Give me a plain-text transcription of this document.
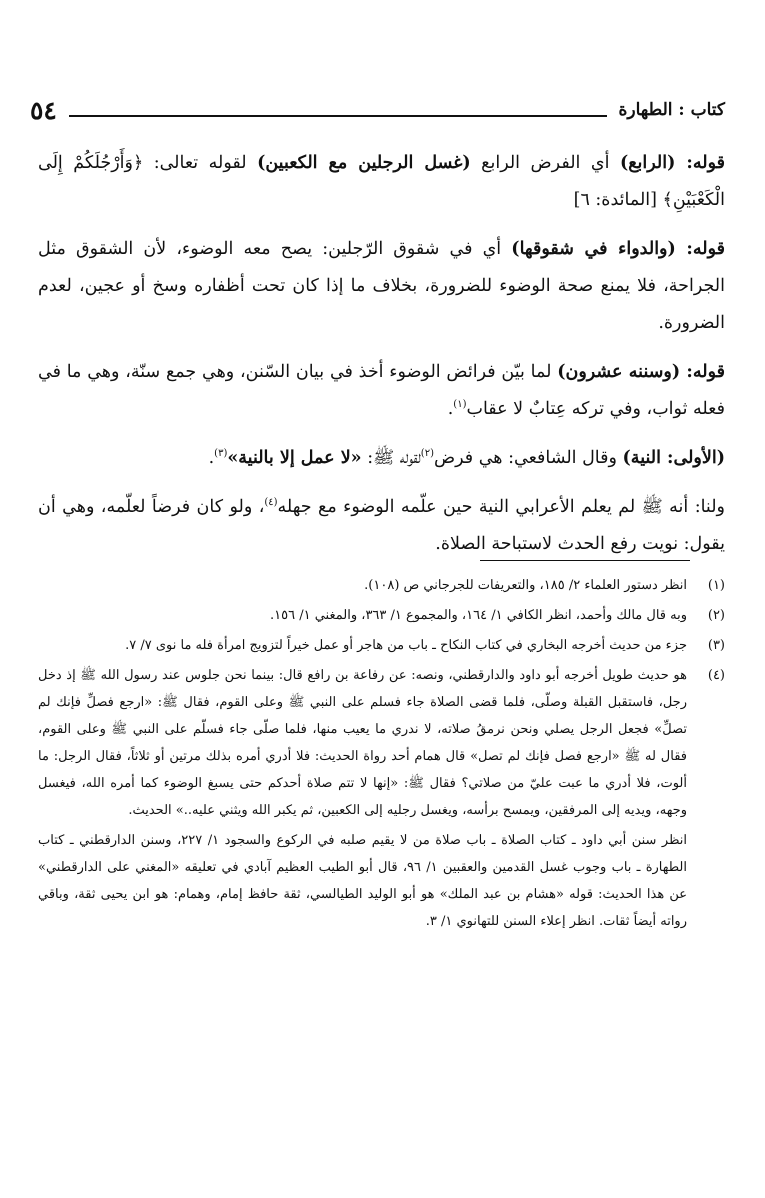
٥٤	كتاب : الطهارة

قوله: (الرابع) أي الفرض الرابع (غسل الرجلين مع الكعبين) لقوله تعالى: ﴿وَأَرْجُلَكُمْ إِلَى الْكَعْبَيْنِ﴾ [المائدة: ٦]

قوله: (والدواء في شقوقها) أي في شقوق الرّجلين: يصح معه الوضوء، لأن الشقوق مثل الجراحة، فلا يمنع صحة الوضوء للضرورة، بخلاف ما إذا كان تحت أظفاره وسخ أو عجين، لعدم الضرورة.

قوله: (وسننه عشرون) لما بيّن فرائض الوضوء أخذ في بيان السّنن، وهي جمع سنّة، وهي ما في فعله ثواب، وفي تركه عِتابٌ لا عقاب$^{(١)}$.

(الأولى: النية) وقال الشافعي: هي فرض$^{(٢)}$لقوله ﷺ: «لا عمل إلا بالنية»$^{(٣)}$.

ولنا: أنه ﷺ لم يعلم الأعرابي النية حين علّمه الوضوء مع جهله$^{(٤)}$، ولو كان فرضاً لعلّمه، وهي أن يقول: نويت رفع الحدث لاستباحة الصلاة.

(١)
انظر دستور العلماء ٢/ ١٨٥، والتعريفات للجرجاني ص (١٠٨).
(٢)
وبه قال مالك وأحمد، انظر الكافي ١/ ١٦٤، والمجموع ١/ ٣٦٣، والمغني ١/ ١٥٦.
(٣)
جزء من حديث أخرجه البخاري في كتاب النكاح ـ باب من هاجر أو عمل خيراً لتزويج امرأة فله ما نوى ٧/ ٧.
(٤)
هو حديث طويل أخرجه أبو داود والدارقطني، ونصه: عن رفاعة بن رافع قال: بينما نحن جلوس عند رسول الله ﷺ إذ دخل رجل، فاستقبل القبلة وصلّى، فلما قضى الصلاة جاء فسلم على النبي ﷺ وعلى القوم، فقال ﷺ: «ارجع فصلِّ فإنك لم تصلِّ» فجعل الرجل يصلي ونحن نرمقُ صلاته، لا ندري ما يعيب منها، فلما صلّى جاء فسلّم على النبي ﷺ وعلى القوم، فقال له ﷺ «ارجع فصل فإنك لم تصل» قال همام أحد رواة الحديث: فلا أدري أمره بذلك مرتين أو ثلاثاً، فقال الرجل: ما ألوت، فلا أدري ما عبت عليّ من صلاتي؟ فقال ﷺ: «إنها لا تتم صلاة أحدكم حتى يسبغ الوضوء كما أمره الله، فيغسل وجهه، ويديه إلى المرفقين، ويمسح برأسه، ويغسل رجليه إلى الكعبين، ثم يكبر الله ويثني عليه..» الحديث.
انظر سنن أبي داود ـ كتاب الصلاة ـ باب صلاة من لا يقيم صلبه في الركوع والسجود ١/ ٢٢٧، وسنن الدارقطني ـ كتاب الطهارة ـ باب وجوب غسل القدمين والعقبين ١/ ٩٦، قال أبو الطيب العظيم آبادي في تعليقه «المغني على الدارقطني» عن هذا الحديث: قوله «هشام بن عبد الملك» هو أبو الوليد الطيالسي، ثقة حافظ إمام، وهمام: هو ابن يحيى ثقة، وباقي رواته أيضاً ثقات. انظر إعلاء السنن للتهانوي ١/ ٣.
